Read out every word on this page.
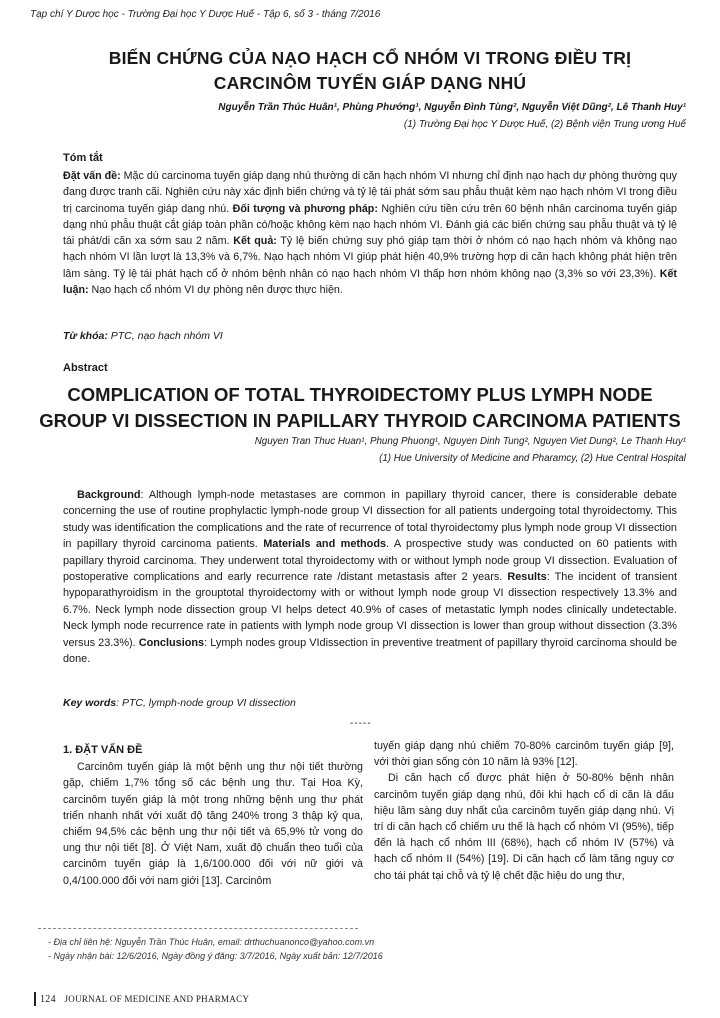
Tạp chí Y Dược học - Trường Đại học Y Dược Huế - Tập 6, số 3 - tháng 7/2016
BIẾN CHỨNG CỦA NẠO HẠCH CỔ NHÓM VI TRONG ĐIỀU TRỊ
CARCINÔM TUYẾN GIÁP DẠNG NHÚ
Nguyễn Trần Thúc Huân¹, Phùng Phướng¹, Nguyễn Đình Tùng², Nguyễn Việt Dũng², Lê Thanh Huy¹
(1) Trường Đại học Y Dược Huế, (2) Bệnh viện Trung ương Huế
Tóm tắt
Đặt vấn đề: Mặc dù carcinoma tuyến giáp dạng nhú thường di căn hạch nhóm VI nhưng chỉ định nạo hạch dự phòng thường quy đang được tranh cãi. Nghiên cứu này xác định biến chứng và tỷ lệ tái phát sớm sau phẫu thuật kèm nạo hạch nhóm VI trong điều trị carcinoma tuyến giáp dạng nhú. Đối tượng và phương pháp: Nghiên cứu tiền cứu trên 60 bệnh nhân carcinoma tuyến giáp dạng nhú phẫu thuật cắt giáp toàn phần có/hoặc không kèm nạo hạch nhóm VI. Đánh giá các biến chứng sau phẫu thuật và tỷ lệ tái phát/di căn xa sớm sau 2 năm. Kết quả: Tỷ lệ biến chứng suy phó giáp tạm thời ở nhóm có nạo hạch nhóm và không nạo hạch nhóm VI lần lượt là 13,3% và 6,7%. Nạo hạch nhóm VI giúp phát hiện 40,9% trường hợp di căn hạch không phát hiện trên lâm sàng. Tỷ lệ tái phát hạch cổ ở nhóm bệnh nhân có nạo hạch nhóm VI thấp hơn nhóm không nạo (3,3% so với 23,3%). Kết luận: Nạo hạch cổ nhóm VI dự phòng nên được thực hiện.
Từ khóa: PTC, nạo hạch nhóm VI
Abstract
COMPLICATION OF TOTAL THYROIDECTOMY PLUS LYMPH NODE
GROUP VI DISSECTION IN PAPILLARY THYROID CARCINOMA PATIENTS
Nguyen Tran Thuc Huan¹, Phung Phuong¹, Nguyen Dinh Tung², Nguyen Viet Dung², Le Thanh Huy¹
(1) Hue University of Medicine and Pharamcy, (2) Hue Central Hospital
Background: Although lymph-node metastases are common in papillary thyroid cancer, there is considerable debate concerning the use of routine prophylactic lymph-node group VI dissection for all patients undergoing total thyroidectomy. This study was identification the complications and the rate of recurrence of total thyroidectomy plus lymph node group VI dissection in papillary thyroid carcinoma patients. Materials and methods. A prospective study was conducted on 60 patients with papillary thyroid carcinoma. They underwent total thyroidectomy with or without lymph node group VI dissection. Evaluation of postoperative complications and early recurrence rate /distant metastasis after 2 years. Results: The incident of transient hypoparathyroidism in the grouptotal thyroidectomy with or without lymph node group VI dissection respectively 13.3% and 6.7%. Neck lymph node dissection group VI helps detect 40.9% of cases of metastatic lymph nodes clinically undetectable. Neck lymph node recurrence rate in patients with lymph node group VI dissection is lower than group without dissection (3.3% versus 23.3%). Conclusions: Lymph nodes group VIdissection in preventive treatment of papillary thyroid carcinoma should be done.
Key words: PTC, lymph-node group VI dissection
-----
1. ĐẶT VẤN ĐỀ
Carcinôm tuyến giáp là một bệnh ung thư nội tiết thường gặp, chiếm 1,7% tổng số các bệnh ung thư. Tại Hoa Kỳ, carcinôm tuyến giáp là một trong những bệnh ung thư phát triển nhanh nhất với xuất độ tăng 240% trong 3 thập kỷ qua, chiếm 94,5% các bệnh ung thư nội tiết và 65,9% tử vong do ung thư nội tiết [8]. Ở Việt Nam, xuất độ chuẩn theo tuổi của carcinôm tuyến giáp là 1,6/100.000 đối với nữ giới và 0,4/100.000 đối với nam giới [13]. Carcinôm
tuyến giáp dạng nhú chiếm 70-80% carcinôm tuyến giáp [9], với thời gian sống còn 10 năm là 93% [12].
Di căn hạch cổ được phát hiện ở 50-80% bệnh nhân carcinôm tuyến giáp dạng nhú, đôi khi hạch cổ di căn là dấu hiệu lâm sàng duy nhất của carcinôm tuyến giáp dạng nhú. Vị trí di căn hạch cổ chiếm ưu thế là hạch cổ nhóm VI (95%), tiếp đến là hạch cổ nhóm III (68%), hạch cổ nhóm IV (57%) và hạch cổ nhóm II (54%) [19]. Di căn hạch cổ làm tăng nguy cơ cho tái phát tại chỗ và tỷ lệ chết đặc hiệu do ung thư,
- Địa chỉ liên hệ: Nguyễn Trần Thúc Huân, email: drthuchuanonco@yahoo.com.vn
- Ngày nhận bài: 12/6/2016, Ngày đồng ý đăng: 3/7/2016, Ngày xuất bản: 12/7/2016
124 JOURNAL OF MEDICINE AND PHARMACY
